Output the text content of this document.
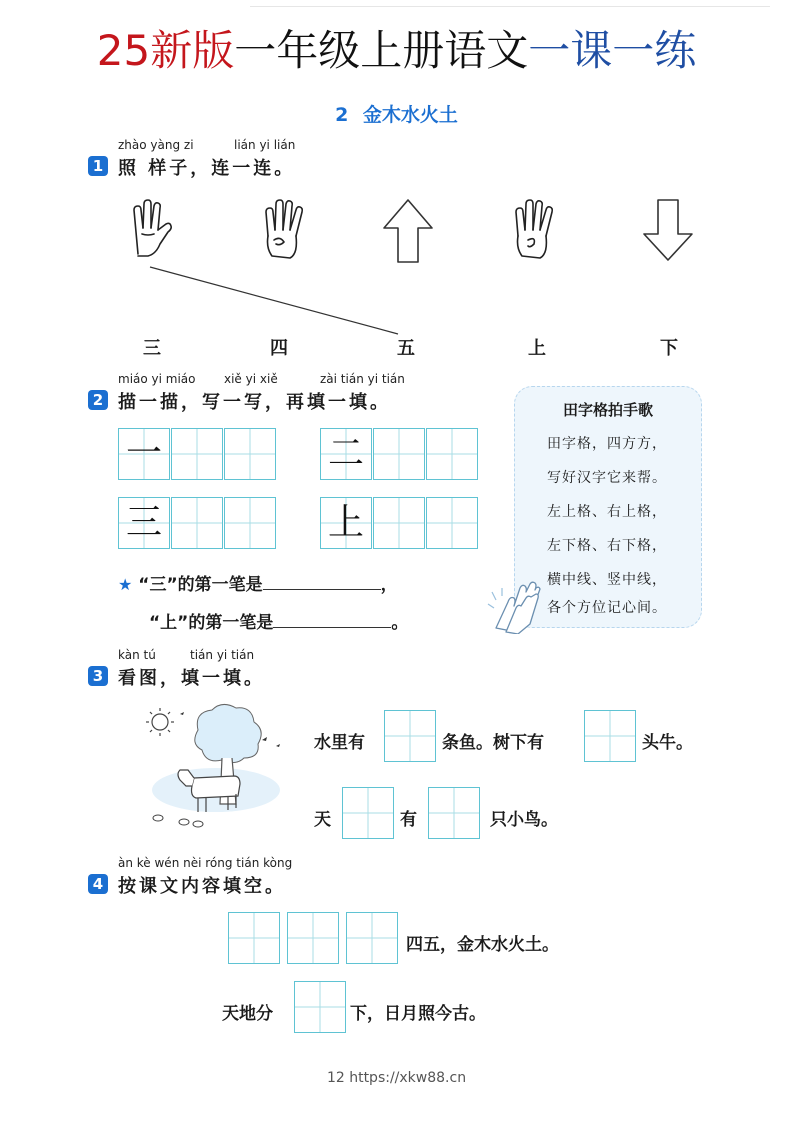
25新版一年级上册语文一课一练
2 金木水火土
zhào yàng zi	lián yi lián
1 照 样子，连一连。
三	四	五	上	下
miáo yi miáo xiě yi xiě	zài tián yi tián
2 描一描，写一写，再填一填。
一	二
三	上
★ “三”的第一笔是	，
“上”的第一笔是	。
田字格拍手歌
田字格，四方方，
写好汉字它来帮。
左上格、右上格，
左下格、右下格，
横中线、竖中线，
各个方位记心间。
kàn tú	tián yi tián
3 看图，填一填。
水里有	条鱼。树下有	头牛。
天	有	只小鸟。
àn kè wén nèi róng tián kòng
4 按课文内容填空。
四五，金木水火土。
天地分	下，日月照今古。
12 https://xkw88.cn
